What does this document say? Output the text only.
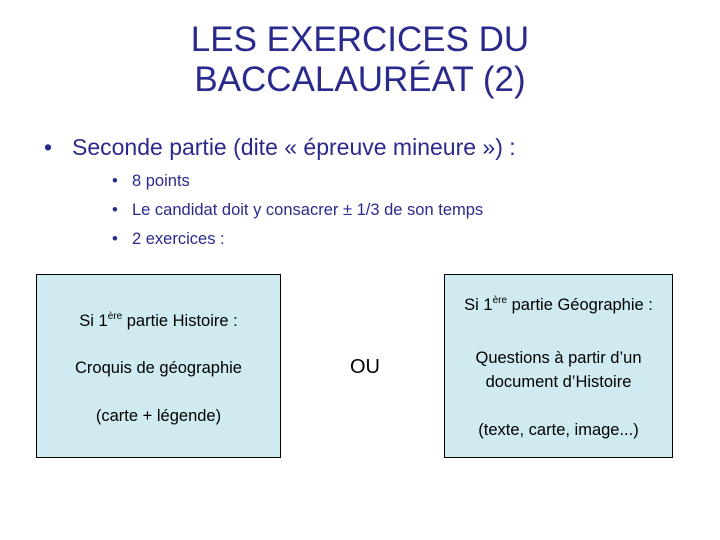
LES EXERCICES DU
BACCALAURÉAT (2)
• Seconde partie (dite « épreuve mineure ») :
• 8 points
• Le candidat doit y consacrer ± 1/3 de son temps
• 2 exercices :

Si 1ère partie Histoire :

Croquis de géographie

(carte + légende)

OU

Si 1ère partie Géographie :

Questions à partir d’un

document d’Histoire

(texte, carte, image...)
